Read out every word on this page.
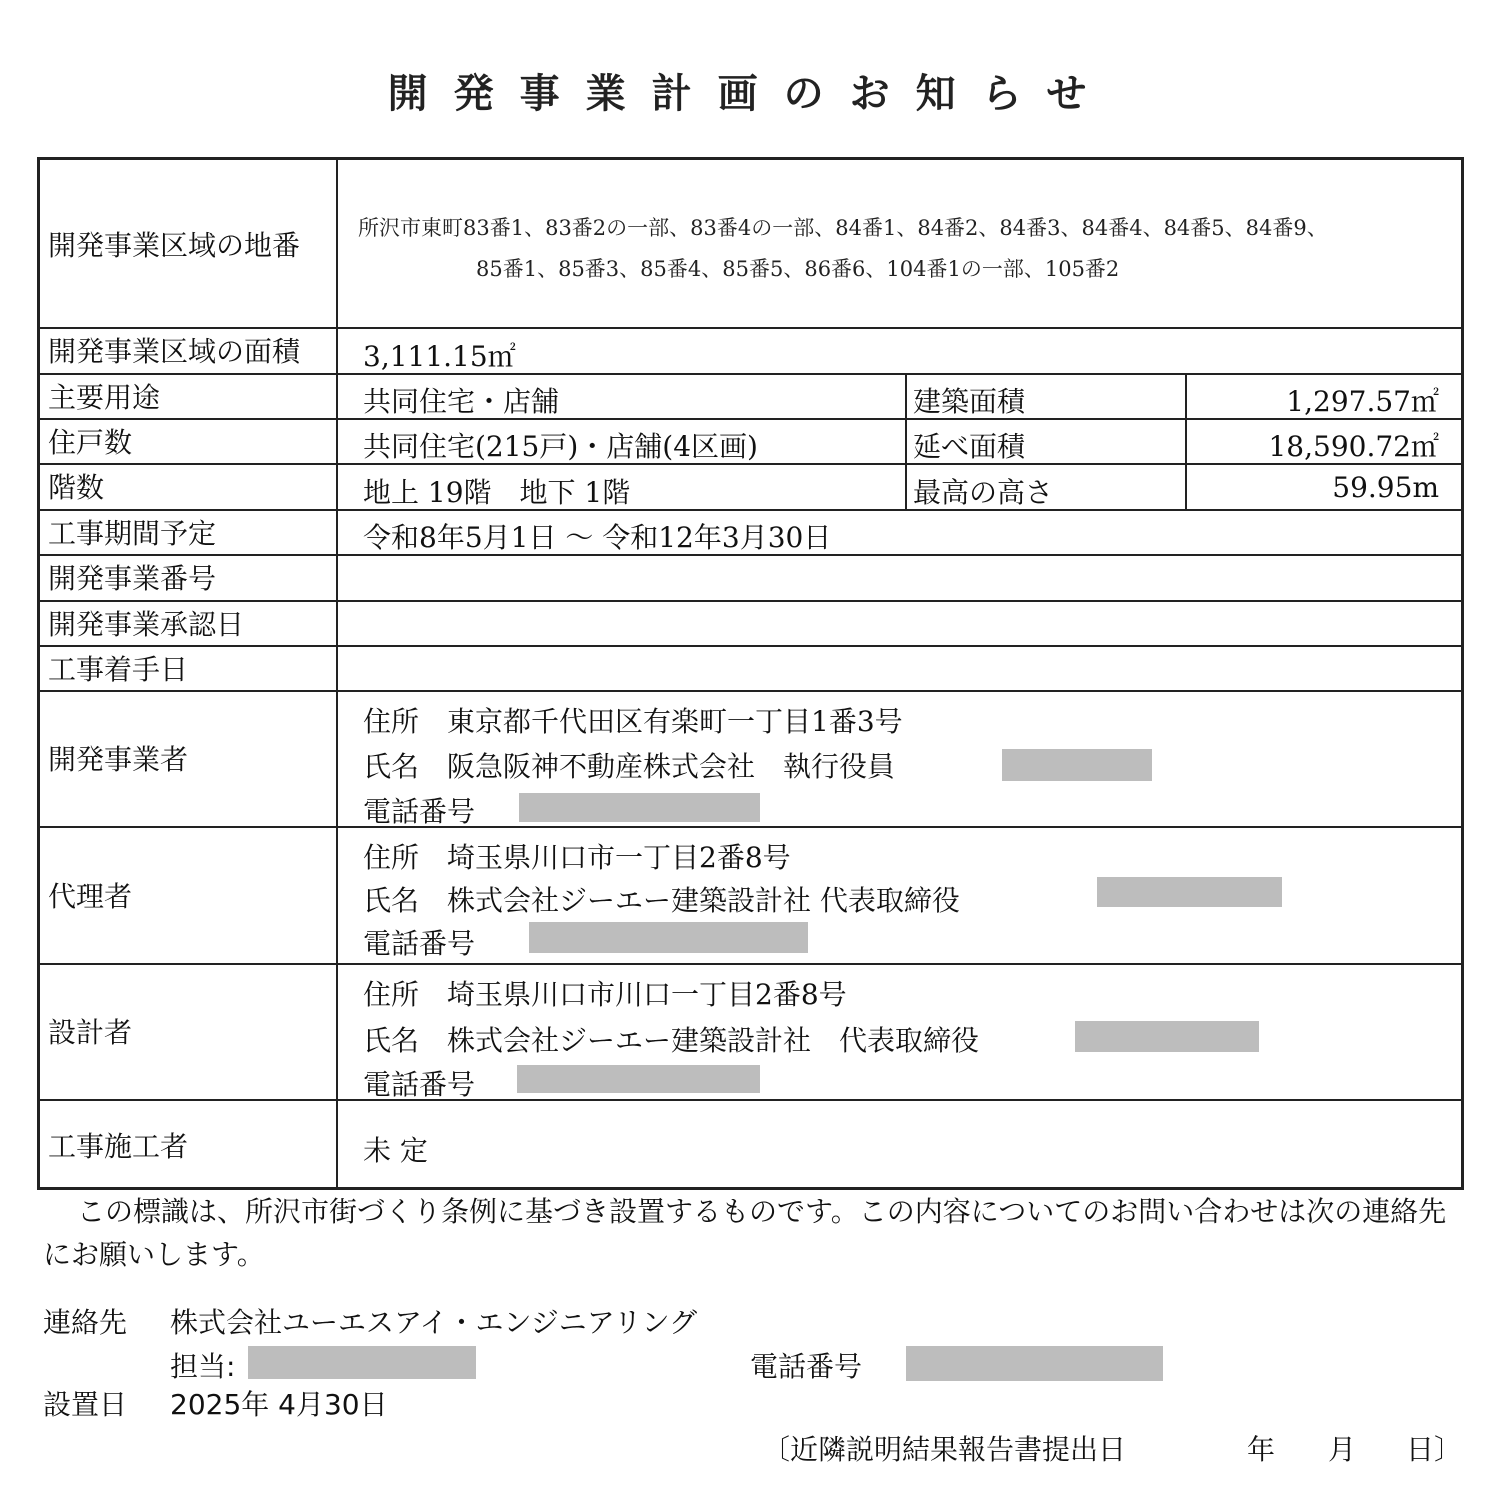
開発事業計画のお知らせ
開発事業区域の地番
開発事業区域の面積
主要用途
住戸数
階数
工事期間予定
開発事業番号
開発事業承認日
工事着手日
開発事業者
代理者
設計者
工事施工者
所沢市東町83番1、83番2の一部、83番4の一部、84番1、84番2、84番3、84番4、84番5、84番9、
85番1、85番3、85番4、85番5、86番6、104番1の一部、105番2
3,111.15㎡
共同住宅・店舗
共同住宅(215戸)・店舗(4区画)
地上 19階　地下 1階
令和8年5月1日 ～ 令和12年3月30日
建築面積
延べ面積
最高の高さ
1,297.57㎡
18,590.72㎡
59.95m
住所　東京都千代田区有楽町一丁目1番3号
氏名　阪急阪神不動産株式会社　執行役員
電話番号
住所　埼玉県川口市一丁目2番8号
氏名　株式会社ジーエー建築設計社 代表取締役
電話番号
住所　埼玉県川口市川口一丁目2番8号
氏名　株式会社ジーエー建築設計社　代表取締役
電話番号
未 定
この標識は、所沢市街づくり条例に基づき設置するものです。この内容についてのお問い合わせは次の連絡先にお願いします。
連絡先 株式会社ユーエスアイ・エンジニアリング
担当:	電話番号
設置日 2025年 4月30日
〔近隣説明結果報告書提出日	年 月 日〕
